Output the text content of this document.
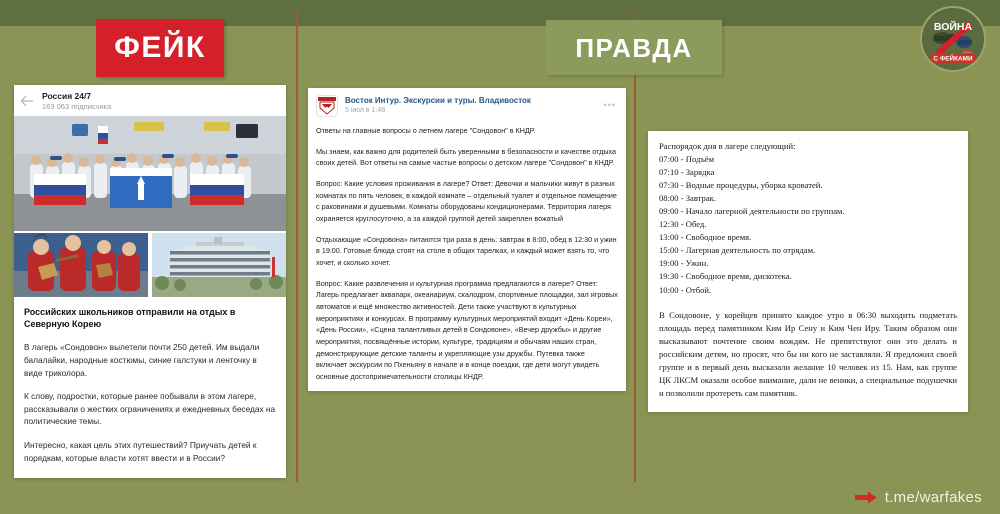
ФЕЙК	ПРАВДА
ВОЙНА
С ФЕЙКАМИ
t.me/warfakes
Россия 24/7
163 063 подписчика
Российских школьников отправили на отдых в Северную Корею

В лагерь «Сондовон» вылетели почти 250 детей. Им выдали балалайки, народные костюмы, синие галстуки и ленточку в виде триколора.

К слову, подростки, которые ранее побывали в этом лагере, рассказывали о жестких ограничениях и ежедневных беседах на политические темы.

Интересно, какая цель этих путешествий? Приучать детей к порядкам, которые власти хотят ввести и в России?

Восток Интур. Экскурсии и туры. Владивосток
5 июл в 1:48
•••

Ответы на главные вопросы о летнем лагере "Сондовон" в КНДР.

Мы знаем, как важно для родителей быть уверенными в безопасности и качестве отдыха своих детей. Вот ответы на самые частые вопросы о детском лагере "Сондовон" в КНДР.

Вопрос: Какие условия проживания в лагере? Ответ: Девочки и мальчики живут в разных комнатах по пять человек, в каждой комнате – отдельный туалет и отдельное помещение с раковинами и душевыми. Комнаты оборудованы кондиционерами. Территория лагеря охраняется круглосуточно, а за каждой группой детей закреплен вожатый

Отдыхающие «Сондовона» питаются три раза в день: завтрак в 8:00, обед в 12:30 и ужин в 19:00. Готовые блюда стоят на столе в общих тарелках, и каждый может взять то, что хочет, и сколько хочет.

Вопрос: Какие развлечения и культурная программа предлагаются в лагере? Ответ: Лагерь предлагает аквапарк, океанариум, скалодром, спортивные площадки, зал игровых автоматов и ещё множество активностей. Дети также участвуют в культурных мероприятиях и конкурсах. В программу культурных мероприятий входит «День Кореи», «День России», «Сцена талантливых детей в Сондовоне», «Вечер дружбы» и другие мероприятия, посвящённые истории, культуре, традициям и обычаям наших стран, демонстрирующие детские таланты и укрепляющие узы дружбы. Путевка также включает экскурсии по Пхеньяну в начале и в конце поездки, где дети могут увидеть основные достопримечательности столицы КНДР.

Распорядок дня в лагере следующий:
07:00 - Подъём
07:10 - Зарядка
07:30 - Водные процедуры, уборка кроватей.
08:00 - Завтрак.
09:00 - Начало лагерной деятельности по группам.
12:30 - Обед.
13:00 - Свободное время.
15:00 - Лагерная деятельность по отрядам.
19:00 - Ужин.
19:30 - Свободное время, дискотека.
10:00 - Отбой.

В Сондовоне, у корейцев принято каждое утро в 06:30 выходить подметать площадь перед памятником Ким Ир Сену и Ким Чен Иру. Таким образом они высказывают почтение своим вождям. Не препятствуют они это делать и российским детям, но просят, что бы ни кого не заставляли. Я предложил своей группе и в первый день высказали желание 10 человек из 15. Нам, как группе ЦК ЛКСМ оказали особое внимание, дали не веники, а специальные подушечки и позволили протереть сам памятник.
